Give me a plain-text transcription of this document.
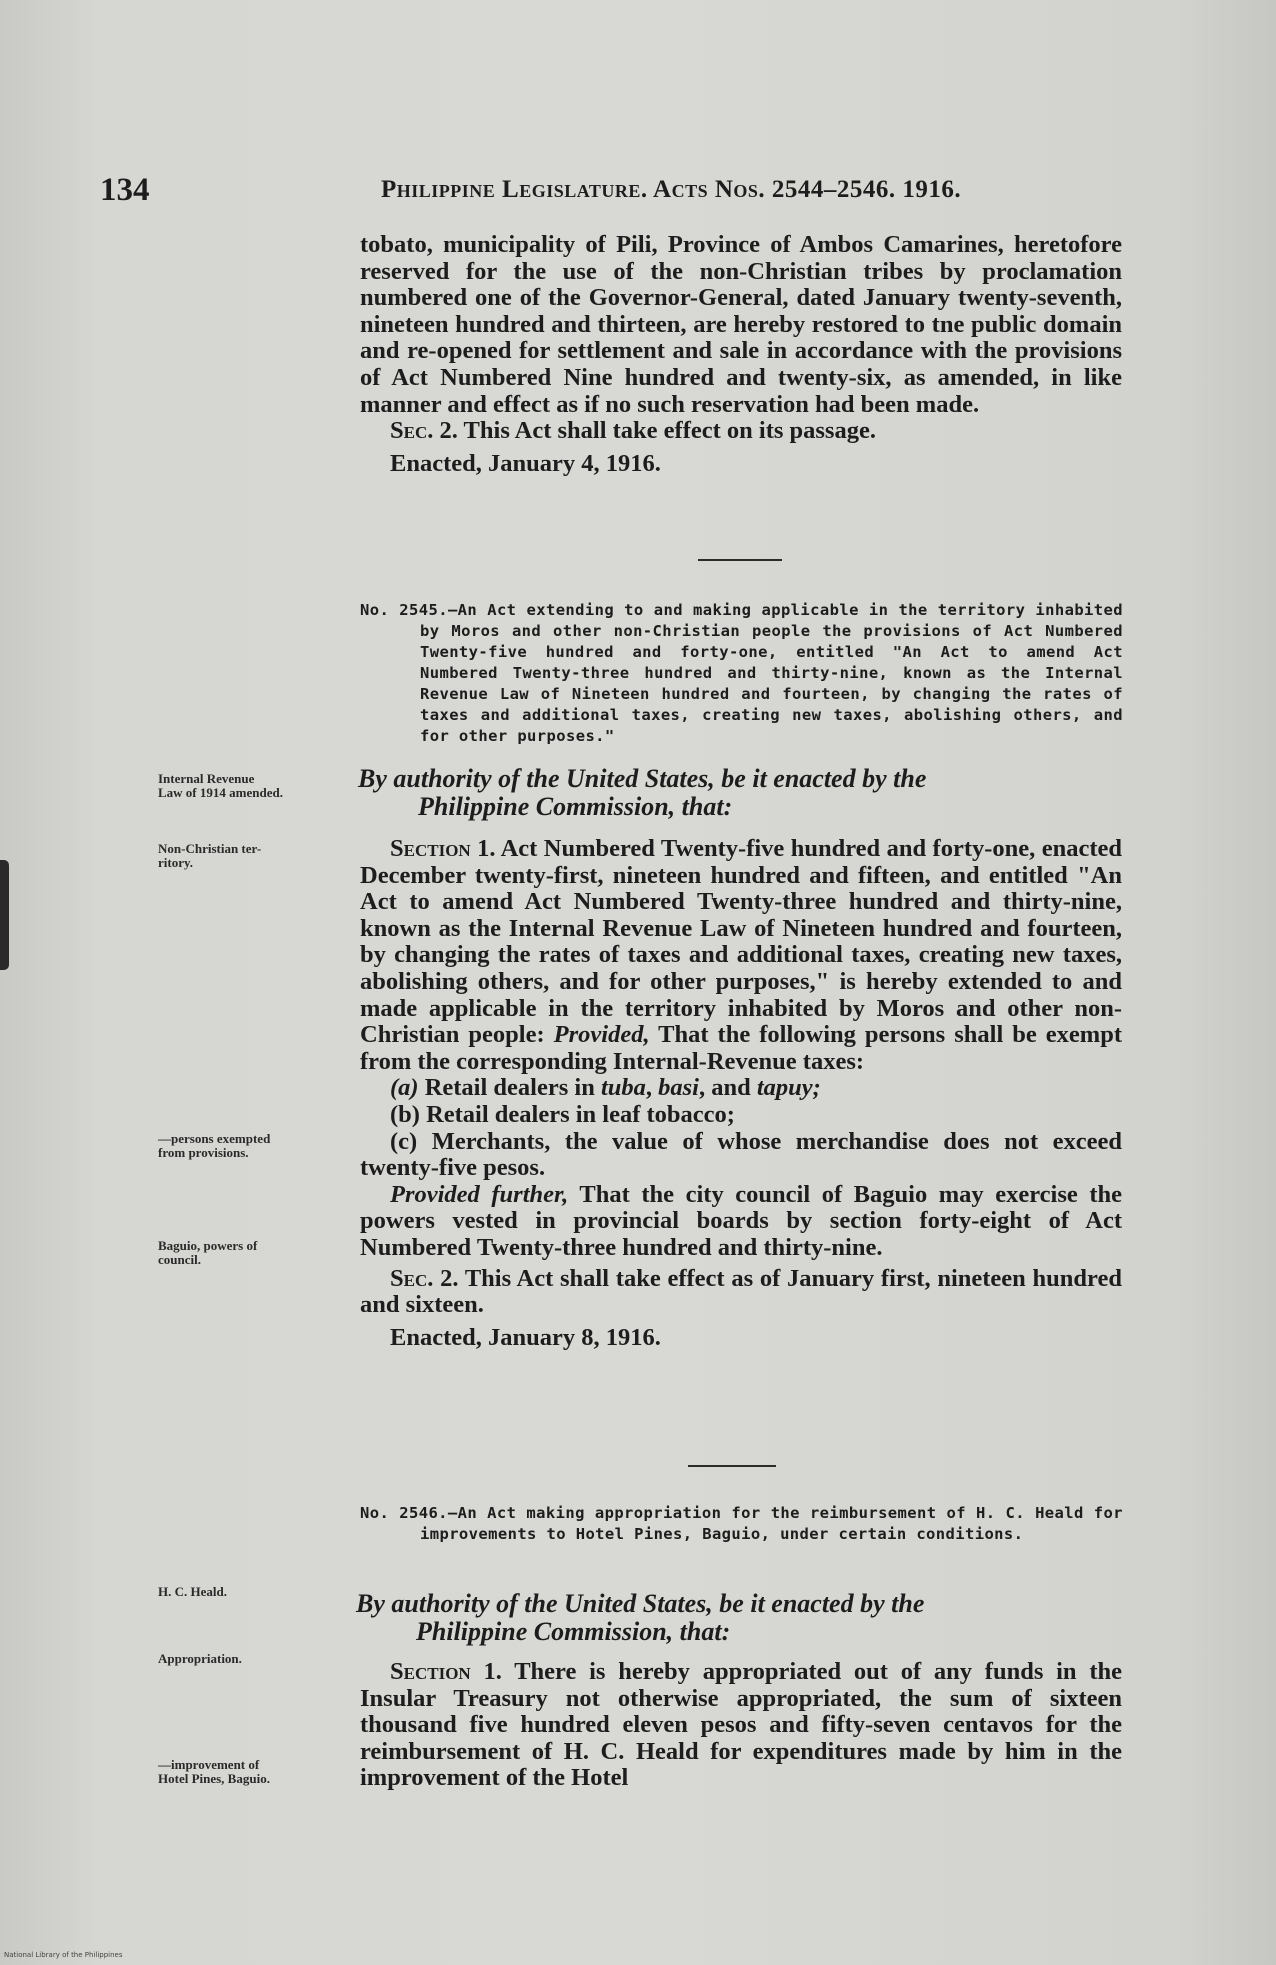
134	Philippine Legislature. Acts Nos. 2544–2546. 1916.

tobato, municipality of Pili, Province of Ambos Camarines, heretofore reserved for the use of the non-Christian tribes by proclamation numbered one of the Governor-General, dated January twenty-seventh, nineteen hundred and thirteen, are hereby restored to tne public domain and re-opened for settlement and sale in accordance with the provisions of Act Numbered Nine hundred and twenty-six, as amended, in like manner and effect as if no such reservation had been made.

Sec. 2. This Act shall take effect on its passage.

Enacted, January 4, 1916.

No. 2545.—An Act extending to and making applicable in the territory inhabited by Moros and other non-Christian people the provisions of Act Numbered Twenty-five hundred and forty-one, entitled "An Act to amend Act Numbered Twenty-three hundred and thirty-nine, known as the Internal Revenue Law of Nineteen hundred and fourteen, by changing the rates of taxes and additional taxes, creating new taxes, abolishing others, and for other purposes."
By authority of the United States, be it enacted by the
Philippine Commission, that:

Section 1. Act Numbered Twenty-five hundred and forty-one, enacted December twenty-first, nineteen hundred and fifteen, and entitled "An Act to amend Act Numbered Twenty-three hundred and thirty-nine, known as the Internal Revenue Law of Nineteen hundred and fourteen, by changing the rates of taxes and additional taxes, creating new taxes, abolishing others, and for other purposes," is hereby extended to and made applicable in the territory inhabited by Moros and other non-Christian people: Provided, That the following persons shall be exempt from the corresponding Internal-Revenue taxes:

(a) Retail dealers in tuba, basi, and tapuy;

(b) Retail dealers in leaf tobacco;

(c) Merchants, the value of whose merchandise does not exceed twenty-five pesos.

Provided further, That the city council of Baguio may exercise the powers vested in provincial boards by section forty-eight of Act Numbered Twenty-three hundred and thirty-nine.

Sec. 2. This Act shall take effect as of January first, nineteen hundred and sixteen.

Enacted, January 8, 1916.

No. 2546.—An Act making appropriation for the reimbursement of H. C. Heald for improvements to Hotel Pines, Baguio, under certain conditions.
By authority of the United States, be it enacted by the
Philippine Commission, that:

Section 1. There is hereby appropriated out of any funds in the Insular Treasury not otherwise appropriated, the sum of sixteen thousand five hundred eleven pesos and fifty-seven centavos for the reimbursement of H. C. Heald for expenditures made by him in the improvement of the Hotel

Internal Revenue
Law of 1914 amended.
Non-Christian ter-
ritory.
—persons exempted
from provisions.
Baguio, powers of
council.
H. C. Heald.
Appropriation.
—improvement of
Hotel Pines, Baguio.
National Library of the Philippines
